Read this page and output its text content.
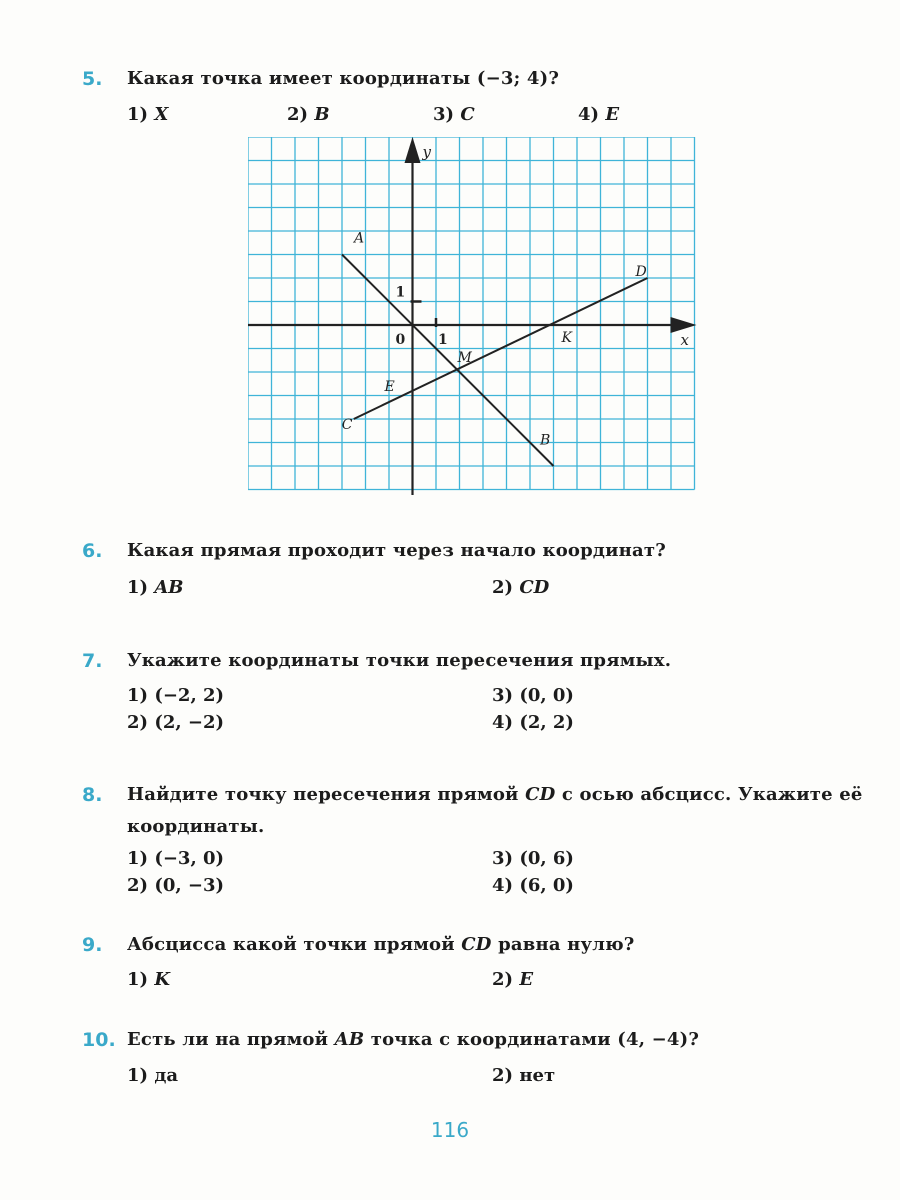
5. Какая точка имеет координаты (−3; 4)?
1) X	2) B	3) C	4) E
A
B
C
D
E
K
M
x
y
0 1
1
6. Какая прямая проходит через начало координат?
1) AB	2) CD
7. Укажите координаты точки пересечения прямых.
1) (−2, 2)
2) (2, −2)
3) (0, 0)
4) (2, 2)
8. Найдите точку пересечения прямой CD с осью абсцисс. Укажите её координаты.
1) (−3, 0)
2) (0, −3)
3) (0, 6)
4) (6, 0)
9. Абсцисса какой точки прямой CD равна нулю?
1) K	2) E
10. Есть ли на прямой AB точка с координатами (4, −4)?
1) да	2) нет
116
